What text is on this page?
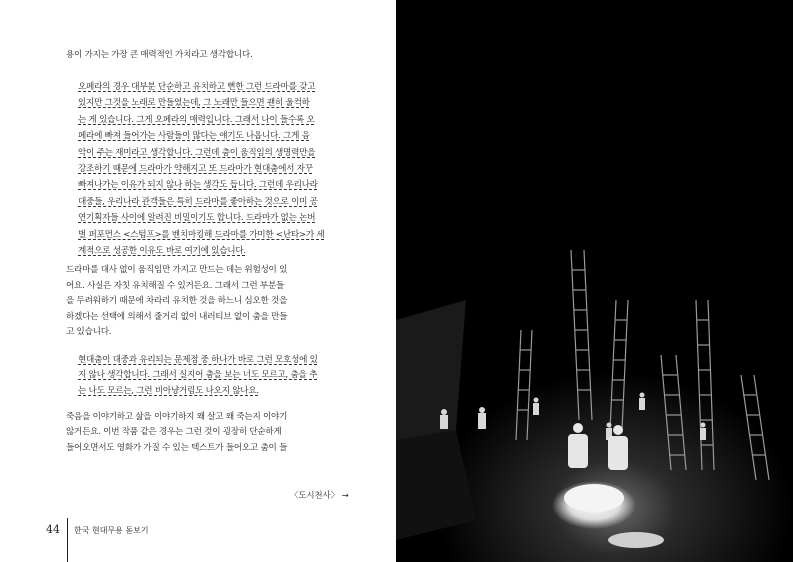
용이 가지는 가장 큰 매력적인 가치라고 생각합니다.
오페라의 경우 대부분 단순하고 유치하고 뻔한 그런 드라마를 갖고
있지만 그것을 노래로 만들었는데, 그 노래만 들으면 괜히 울컥하
는 게 있습니다. 그게 오페라의 매력입니다. 그래서 나이 들수록 오
페라에 빠져 들어가는 사람들이 많다는 얘기도 나옵니다. 그게 음
악이 주는 재미라고 생각합니다. 그런데 춤이 움직임의 생명력만을
강조하기 때문에 드라마가 약해지고 또 드라마가 현대춤에서 자꾸
빠져나가는 이유가 되지 않나 하는 생각도 듭니다. 그런데 우리나라
대중들, 우리나라 관객들은 특히 드라마를 좋아하는 것으로 이미 공
연기획자들 사이에 알려진 비밀이기도 합니다. 드라마가 없는 논버
벌 퍼포먼스 <스텀프>를 벤치마킹해 드라마를 가미한 <난타>가 세
계적으로 성공한 이유도 바로 여기에 있습니다.
드라마를 대사 없이 움직임만 가지고 만드는 데는 위험성이 있
어요. 사실은 자칫 유치해질 수 있거든요. 그래서 그런 부분들
을 두려워하기 때문에 차라리 유치한 것을 하느니 심오한 것을
하겠다는 선택에 의해서 줄거리 없이 내러티브 없이 춤을 만들
고 있습니다.
현대춤이 대중과 유리되는 문제점 중 하나가 바로 그런 모호성에 있
지 않나 생각합니다. 그래서 실지어 춤을 보는 너도 모르고, 춤을 추
는 나도 모르는, 그런 비아냥거림도 나오지 않나요.
죽음을 이야기하고 삶을 이야기하지 왜 살고 왜 죽는지 이야기
않거든요. 이번 작품 같은 경우는 그런 것이 굉장히 단순하게
들어오면서도 영화가 가질 수 있는 텍스트가 들어오고 춤이 들
〈도시천사〉 →
44 한국 현대무용 돋보기
